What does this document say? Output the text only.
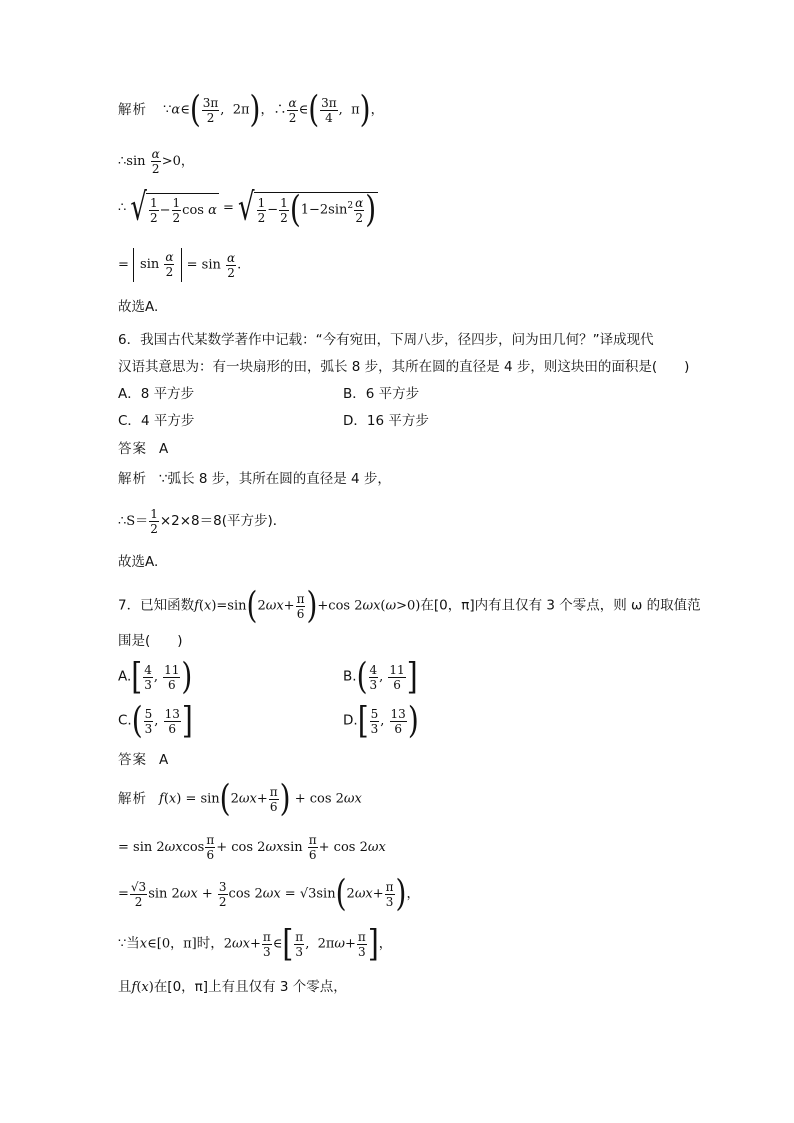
解析 ∵α∈( $\frac{3\pi}{2}$ ,  2π)，∴ $\frac{\alpha}{2}$ ∈( $\frac{3\pi}{4}$ ,  π)，
∴sin $\frac{\alpha}{2} >0$，
∴ √ $\frac{1}{2} - \frac{1}{2}$ cos α = √ $\frac{1}{2} - \frac{1}{2} (1-2\sin^2 \frac{\alpha}{2}$ )
= $\sin \frac{\alpha}{2} = \sin \frac{\alpha}{2}$ .
故选A.
6．我国古代某数学著作中记载：“今有宛田，下周八步，径四步，问为田几何？”译成现代
汉语其意思为：有一块扇形的田，弧长 8 步，其所在圆的直径是 4 步，则这块田的面积是(　　)
A．8 平方步	B．6 平方步
C．4 平方步	D．16 平方步
答案 A
解析 ∵弧长 8 步，其所在圆的直径是 4 步，
∴S＝ $\frac{1}{2} \times 2\times 8=8$(平方步)．
故选A.
7．已知函数$f(x)=\sin(2\omega x+ \frac{\pi}{6} )+\cos$ 2ωx(ω>0)在[0，π]内有且仅有 3 个零点，则 ω 的取值范
围是(　　)
$A.[ \frac{4}{3}$ , $\frac{11}{6}$ )	$B.( \frac{4}{3}$ , $\frac{11}{6}$ ]
$C.( \frac{5}{3}$ , $\frac{13}{6}$ ]	$D.[ \frac{5}{3}$ , $\frac{13}{6}$ )
答案 A
解析 $f(x) = \sin(2\omega x+ \frac{\pi}{6}$ ) + cos 2ωx
= $\sin 2\omega xcos \frac{\pi}{6} + \cos 2\omega xsin \frac{\pi}{6} + \cos 2\omega x$
= $\frac{√3}{2}$ $\sin 2\omega x + \frac{3}{2}$ $\cos 2\omega x = √3\sin(2\omega x+ \frac{\pi}{3}$ )，
∵当x∈[0，π]时，$2\omega x+ \frac{\pi}{3}$ ∈[ $\frac{\pi}{3}$ ,  $2\pi\omega+ \frac{\pi}{3}$ ]，
且f(x)在[0，π]上有且仅有 3 个零点，
